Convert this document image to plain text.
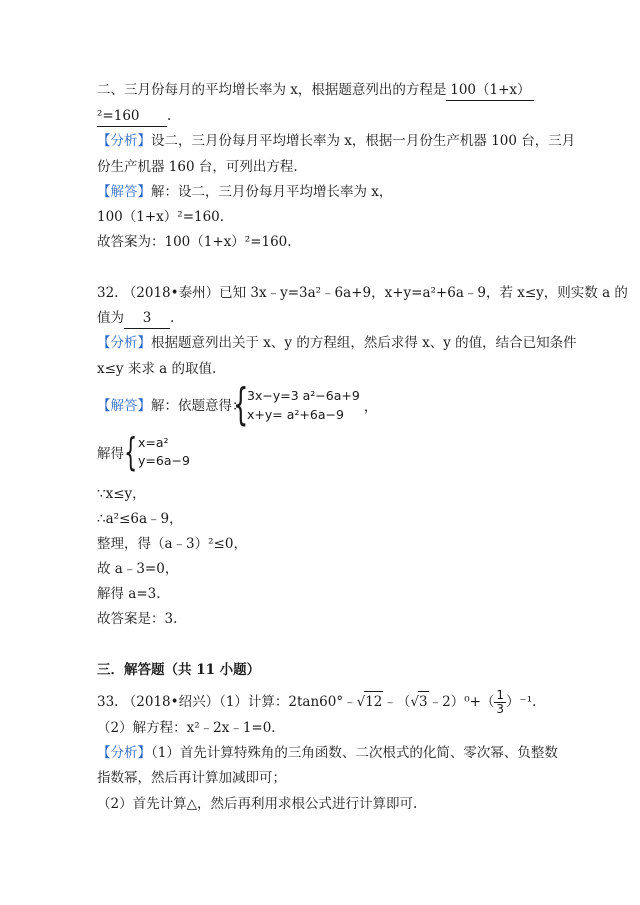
二、三月份每月的平均增长率为 x，根据题意列出的方程是 100（1+x）
²=160 .
【分析】设二，三月份每月平均增长率为 x，根据一月份生产机器 100 台，三月
份生产机器 160 台，可列出方程.
【解答】解：设二，三月份每月平均增长率为 x，
100（1+x）²=160.
故答案为：100（1+x）²=160.
32. （2018•泰州）已知 3x﹣y=3a²﹣6a+9，x+y=a²+6a﹣9，若 x≤y，则实数 a 的
值为 3 .
【分析】根据题意列出关于 x、y 的方程组，然后求得 x、y 的值，结合已知条件
x≤y 来求 a 的取值.
【解答】解：依题意得：
{
3x−y=3 a²−6a+9
x+y= a²+6a−9	，
解得 { x=a²
y=6a−9
∵x≤y，
∴a²≤6a﹣9，
整理，得（a﹣3）²≤0，
故 a﹣3=0，
解得 a=3.
故答案是：3.
三．解答题（共 11 小题）
33. （2018•绍兴）（1）计算：2tan60°﹣√12﹣（√3﹣2）⁰+（ $\frac{1}{3} )^{-1}$.
（2）解方程：x²﹣2x﹣1=0.
【分析】（1）首先计算特殊角的三角函数、二次根式的化简、零次幂、负整数
指数幂，然后再计算加减即可；
（2）首先计算△，然后再利用求根公式进行计算即可.
